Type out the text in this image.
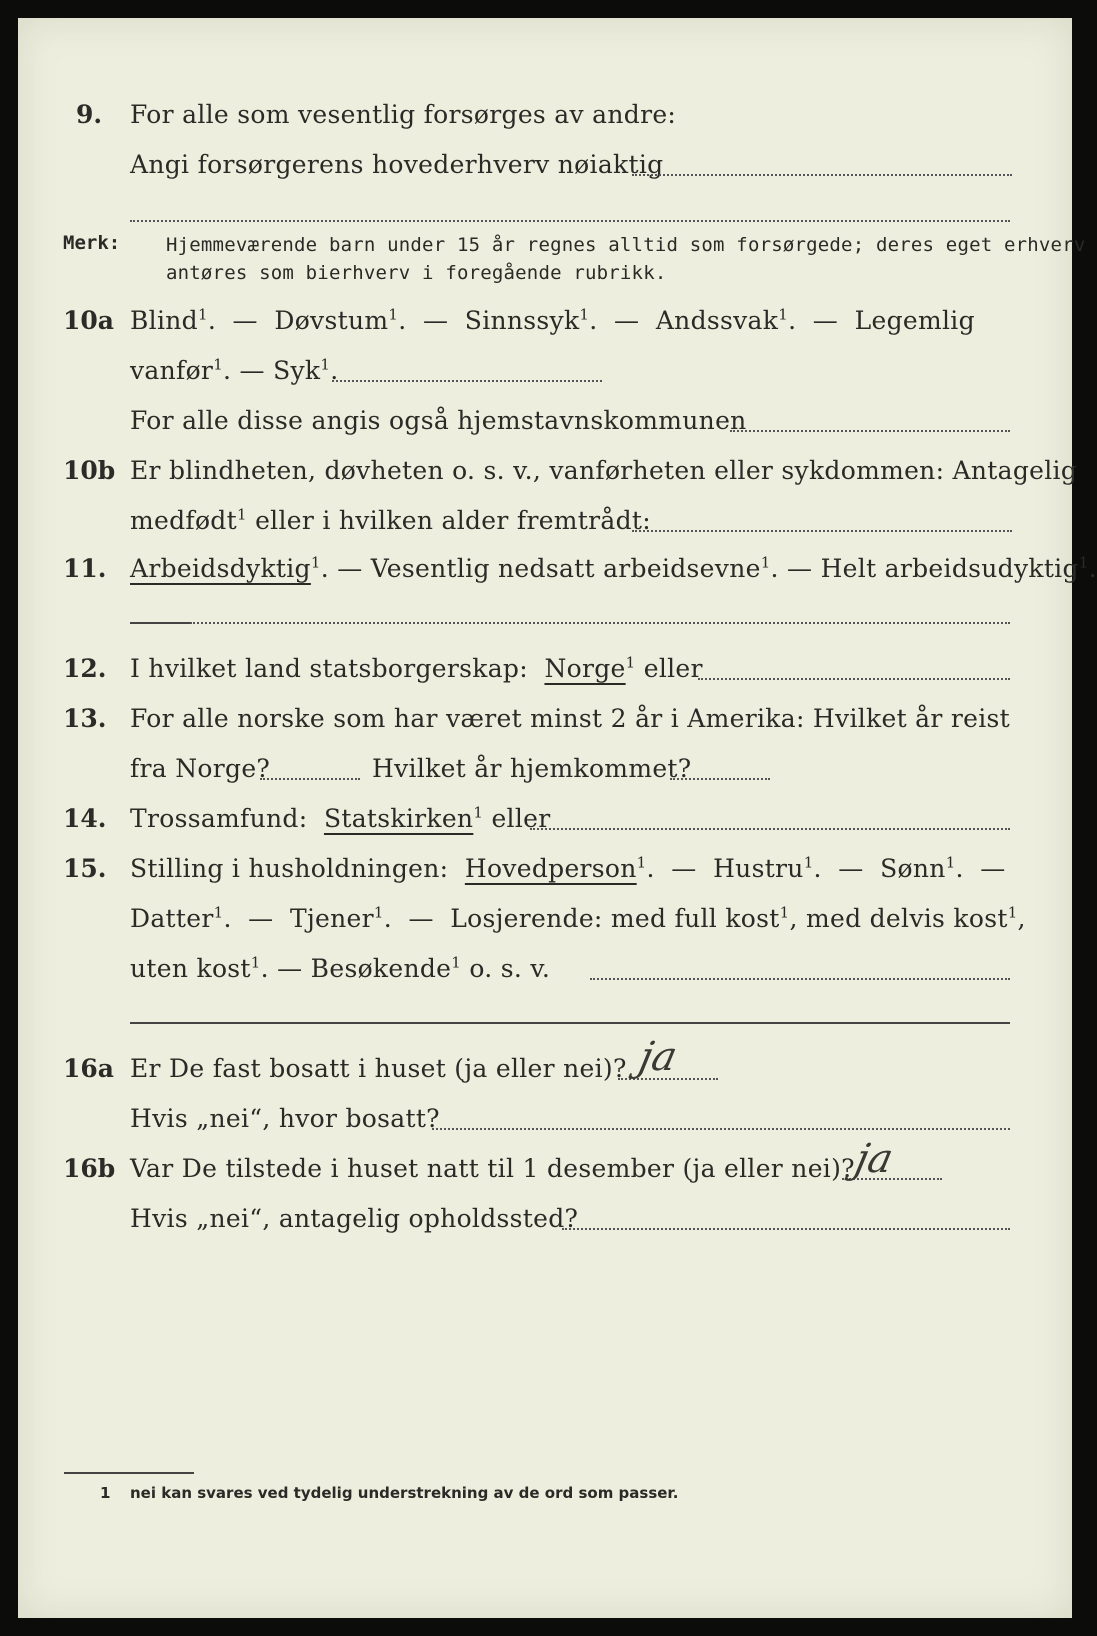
9. For alle som vesentlig forsørges av andre:
Angi forsørgerens hovederhverv nøiaktig
Merk: Hjemmeværende barn under 15 år regnes alltid som forsørgede; deres eget erhverv
antøres som bierhverv i foregående rubrikk.
10a Blind$^1$.  —  Døvstum$^1$.  —  Sinnssyk$^1$.  —  Andssvak$^1$.  —  Legemlig
vanfør$^1$. — Syk$^1$.
For alle disse angis også hjemstavnskommunen
10b Er blindheten, døvheten o. s. v., vanførheten eller sykdommen: Antagelig
medfødt$^1$ eller i hvilken alder fremtrådt:
11. Arbeidsdyktig$^1$. — Vesentlig nedsatt arbeidsevne$^1$. — Helt arbeidsudyktig$^1$.
12. I hvilket land statsborgerskap: Norge$^1$ eller
13. For alle norske som har været minst 2 år i Amerika: Hvilket år reist
fra Norge?	Hvilket år hjemkommet?
14. Trossamfund: Statskirken$^1$ eller
15. Stilling i husholdningen: Hovedperson$^1$.  —  Hustru$^1$.  —  Sønn$^1$.  —
Datter$^1$.  —  Tjener$^1$.  —  Losjerende: med full kost$^1$, med delvis kost$^1$,
uten kost$^1$. — Besøkende$^1$ o. s. v.
16a Er De fast bosatt i huset (ja eller nei)? ja
Hvis „nei“, hvor bosatt?
16b Var De tilstede i huset natt til 1 desember (ja eller nei)?
ja
Hvis „nei“, antagelig opholdssted?
1 nei kan svares ved tydelig understrekning av de ord som passer.
